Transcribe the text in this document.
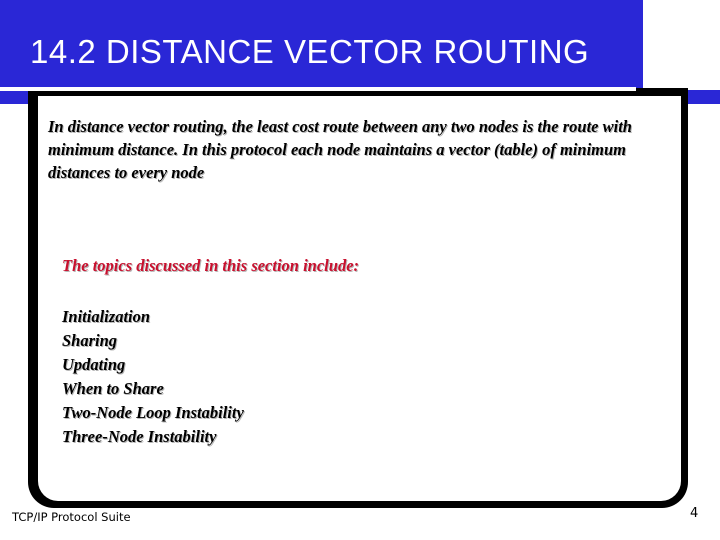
14.2 DISTANCE VECTOR ROUTING
In distance vector routing, the least cost route between any two nodes is the route with minimum distance. In this protocol each node maintains a vector (table) of minimum distances to every node
The topics discussed in this section include:
Initialization
Sharing
Updating
When to Share
Two-Node Loop Instability
Three-Node Instability
TCP/IP Protocol Suite	4
